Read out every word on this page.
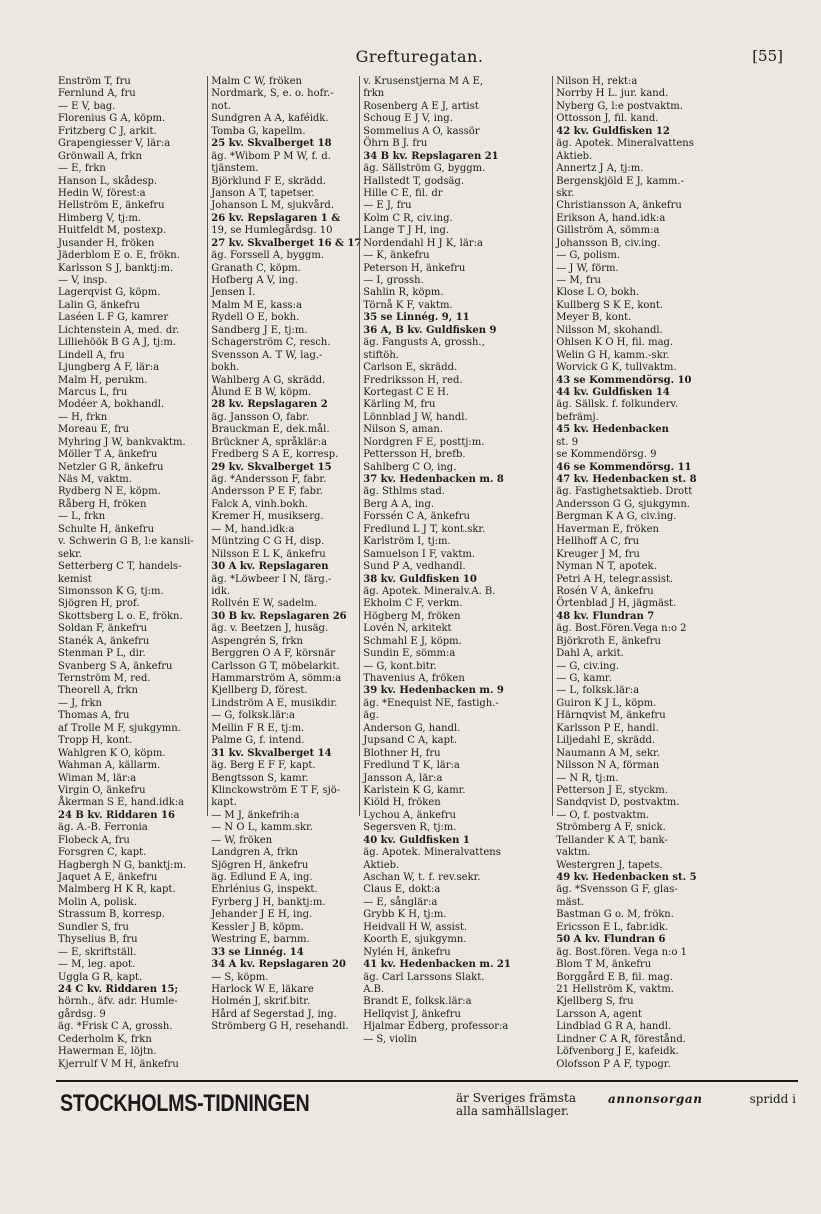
Grefturegatan.	[55]
Enström T, fru
Fernlund A, fru
— E V, bag.
Florenius G A, köpm.
Fritzberg C J, arkit.
Grapengiesser V, lär:a
Grönwall A, frkn
— E, frkn
Hanson L, skådesp.
Hedin W, förest:a
Hellström E, änkefru
Himberg V, tj:m.
Huitfeldt M, postexp.
Jusander H, fröken
Jäderblom E o. E, frökn.
Karlsson S J, banktj:m.
— V, insp.
Lagerqvist G, köpm.
Lalin G, änkefru
Laséen L F G, kamrer
Lichtenstein A, med. dr.
Lilliehöök B G A J, tj:m.
Lindell A, fru
Ljungberg A F, lär:a
Malm H, perukm.
Marcus L, fru
Modéer A, bokhandl.
— H, frkn
Moreau E, fru
Myhring J W, bankvaktm.
Möller T A, änkefru
Netzler G R, änkefru
Näs M, vaktm.
Rydberg N E, köpm.
Råberg H, fröken
— L, frkn
Schulte H, änkefru
v. Schwerin G B, l:e kansli-
sekr.
Setterberg C T, handels-
kemist
Simonsson K G, tj:m.
Sjögren H, prof.
Skottsberg L o. E, frökn.
Soldan F, änkefru
Stanék A, änkefru
Stenman P L, dir.
Svanberg S A, änkefru
Ternström M, red.
Theorell A, frkn
— J, frkn
Thomas A, fru
af Trolle M F, sjukgymn.
Tropp H, kont.
Wahlgren K O, köpm.
Wahman A, källarm.
Wiman M, lär:a
Virgin O, änkefru
Åkerman S E, hand.idk:a
24 B kv. Riddaren 16
äg. A.-B. Ferronia
Flobeck A, fru
Forsgren C, kapt.
Hagbergh N G, banktj:m.
Jaquet A E, änkefru
Malmberg H K R, kapt.
Molin A, polisk.
Strassum B, korresp.
Sundler S, fru
Thyselius B, fru
— E, skriftställ.
— M, leg. apot.
Uggla G R, kapt.
24 C kv. Riddaren 15;
hörnh., äfv. adr. Humle-
gårdsg. 9
äg. *Frisk C A, grossh.
Cederholm K, frkn
Hawerman E, löjtn.
Kjerrulf V M H, änkefru
Malm C W, fröken
Nordmark, S, e. o. hofr.-
not.
Sundgren A A, kaféidk.
Tomba G, kapellm.
25 kv. Skvalberget 18
äg. *Wibom P M W, f. d.
tjänstem.
Björklund F E, skrädd.
Janson A T, tapetser.
Johanson L M, sjukvård.
26 kv. Repslagaren 1 &
19, se Humlegårdsg. 10
27 kv. Skvalberget 16 & 17
äg. Forssell A, byggm.
Granath C, köpm.
Hofberg A V, ing.
Jensen I.
Malm M E, kass:a
Rydell O E, bokh.
Sandberg J E, tj:m.
Schagerström C, resch.
Svensson A. T W, lag.-
bokh.
Wahlberg A G, skrädd.
Ålund E B W, köpm.
28 kv. Repslagaren 2
äg. Jansson O, fabr.
Brauckman E, dek.mål.
Brückner A, språklär:a
Fredberg S A E, korresp.
29 kv. Skvalberget 15
äg. *Andersson F, fabr.
Andersson P E F, fabr.
Falck A, vinh.bokh.
Kremer H, musikserg.
— M, hand.idk:a
Müntzing C G H, disp.
Nilsson E L K, änkefru
30 A kv. Repslagaren
äg. *Löwbeer I N, färg.-
idk.
Rollvén E W, sadelm.
30 B kv. Repslagaren 26
äg. v. Beetzen J, husäg.
Aspengrén S, frkn
Berggren O A F, körsnär
Carlsson G T, möbelarkit.
Hammarström A, sömm:a
Kjellberg D, förest.
Lindström A E, musikdir.
— G, folksk.lär:a
Mellin F R E, tj:m.
Palme G, f. intend.
31 kv. Skvalberget 14
äg. Berg E F F, kapt.
Bengtsson S, kamr.
Klinckowström E T F, sjö-
kapt.
— M J, änkefrih:a
— N O L, kamm.skr.
— W, fröken
Landgren A, frkn
Sjögren H, änkefru
äg. Edlund E A, ing.
Ehrlénius G, inspekt.
Fyrberg J H, banktj:m.
Jehander J E H, ing.
Kessler J B, köpm.
Westring E, barnm.
33 se Linnég. 14
34 A kv. Repslagaren 20
— S, köpm.
Harlock W E, läkare
Holmén J, skrif.bitr.
Hård af Segerstad J, ing.
Strömberg G H, resehandl.
v. Krusenstjerna M A E,
frkn
Rosenberg A E J, artist
Schoug E J V, ing.
Sommelius A O, kassör
Öhrn B J. fru
34 B kv. Repslagaren 21
äg. Sällström G, byggm.
Hallstedt T, godsäg.
Hille C E, fil. dr
— E J, fru
Kolm C R, civ.ing.
Lange T J H, ing.
Nordendahl H J K, lär:a
— K, änkefru
Peterson H, änkefru
— I, grossh.
Sahlin R, köpm.
Törnå K F, vaktm.
35 se Linnég. 9, 11
36 A, B kv. Guldfisken 9
äg. Fangusts A, grossh.,
stiftöh.
Carlson E, skrädd.
Fredriksson H, red.
Kortegast C E H.
Kärling M, fru
Lönnblad J W, handl.
Nilson S, aman.
Nordgren F E, posttj:m.
Pettersson H, brefb.
Sahlberg C O, ing.
37 kv. Hedenbacken m. 8
äg. Sthlms stad.
Berg A A, ing.
Forssén C A, änkefru
Fredlund L J T, kont.skr.
Karlström I, tj:m.
Samuelson I F, vaktm.
Sund P A, vedhandl.
38 kv. Guldfisken 10
äg. Apotek. Mineralv.A. B.
Ekholm C F, verkm.
Högberg M, fröken
Lovén N, arkitekt
Schmahl E J, köpm.
Sundin E, sömm:a
— G, kont.bitr.
Thavenius A, fröken
39 kv. Hedenbacken m. 9
äg. *Enequist NE, fastigh.-
äg.
Anderson G, handl.
Jupsand C A, kapt.
Blothner H, fru
Fredlund T K, lär:a
Jansson A, lär:a
Karlstein K G, kamr.
Kiöld H, fröken
Lychou A, änkefru
Segersven R, tj:m.
40 kv. Guldfisken 1
äg. Apotek. Mineralvattens
Aktieb.
Aschan W, t. f. rev.sekr.
Claus E, dokt:a
— E, sånglär:a
Grybb K H, tj:m.
Heidvall H W, assist.
Koorth E, sjukgymn.
Nylén H, änkefru
41 kv. Hedenbacken m. 21
äg. Carl Larssons Slakt.
A.B.
Brandt E, folksk.lär:a
Hellqvist J, änkefru
Hjalmar Edberg, professor:a
— S, violin
Nilson H, rekt:a
Norrby H L. jur. kand.
Nyberg G, l:e postvaktm.
Ottosson J, fil. kand.
42 kv. Guldfisken 12
äg. Apotek. Mineralvattens
Aktieb.
Annertz J A, tj:m.
Bergenskjöld E J, kamm.-
skr.
Christiansson A, änkefru
Erikson A, hand.idk:a
Gillström A, sömm:a
Johansson B, civ.ing.
— G, polism.
— J W, förm.
— M, fru
Klose L O, bokh.
Kullberg S K E, kont.
Meyer B, kont.
Nilsson M, skohandl.
Ohlsen K O H, fil. mag.
Welin G H, kamm.-skr.
Worvick G K, tullvaktm.
43 se Kommendörsg. 10
44 kv. Guldfisken 14
äg. Sällsk. f. folkunderv.
befrämj.
45 kv. Hedenbacken
st. 9
se Kommendörsg. 9
46 se Kommendörsg. 11
47 kv. Hedenbacken st. 8
äg. Fastighetsaktieb. Drott
Andersson G G, sjukgymn.
Bergman K A G, civ.ing.
Haverman E, fröken
Hellhoff A C, fru
Kreuger J M, fru
Nyman N T, apotek.
Petri A H, telegr.assist.
Rosén V A, änkefru
Örtenblad J H, jägmäst.
48 kv. Flundran 7
äg. Bost.Fören.Vega n:o 2
Björkroth E, änkefru
Dahl A, arkit.
— G, civ.ing.
— G, kamr.
— L, folksk.lär:a
Guiron K J L, köpm.
Härnqvist M, änkefru
Karlsson P E, handl.
Liljedahl E, skrädd.
Naumann A M, sekr.
Nilsson N A, förman
— N R, tj:m.
Petterson J E, styckm.
Sandqvist D, postvaktm.
— O, f. postvaktm.
Strömberg A F, snick.
Tellander K A T, bank-
vaktm.
Westergren J, tapets.
49 kv. Hedenbacken st. 5
äg. *Svensson G F, glas-
mäst.
Bastman G o. M, frökn.
Ericsson E L, fabr.idk.
50 A kv. Flundran 6
äg. Bost.fören. Vega n:o 1
Blom T M, änkefru
Borggård E B, fil. mag.
21 Hellström K, vaktm.
Kjellberg S, fru
Larsson A, agent
Lindblad G R A, handl.
Lindner C A R, förestånd.
Löfvenborg J E, kafeidk.
Olofsson P A F, typogr.
STOCKHOLMS-TIDNINGEN	är Sveriges främsta
alla samhällslager.
annonsorgan	spridd i
